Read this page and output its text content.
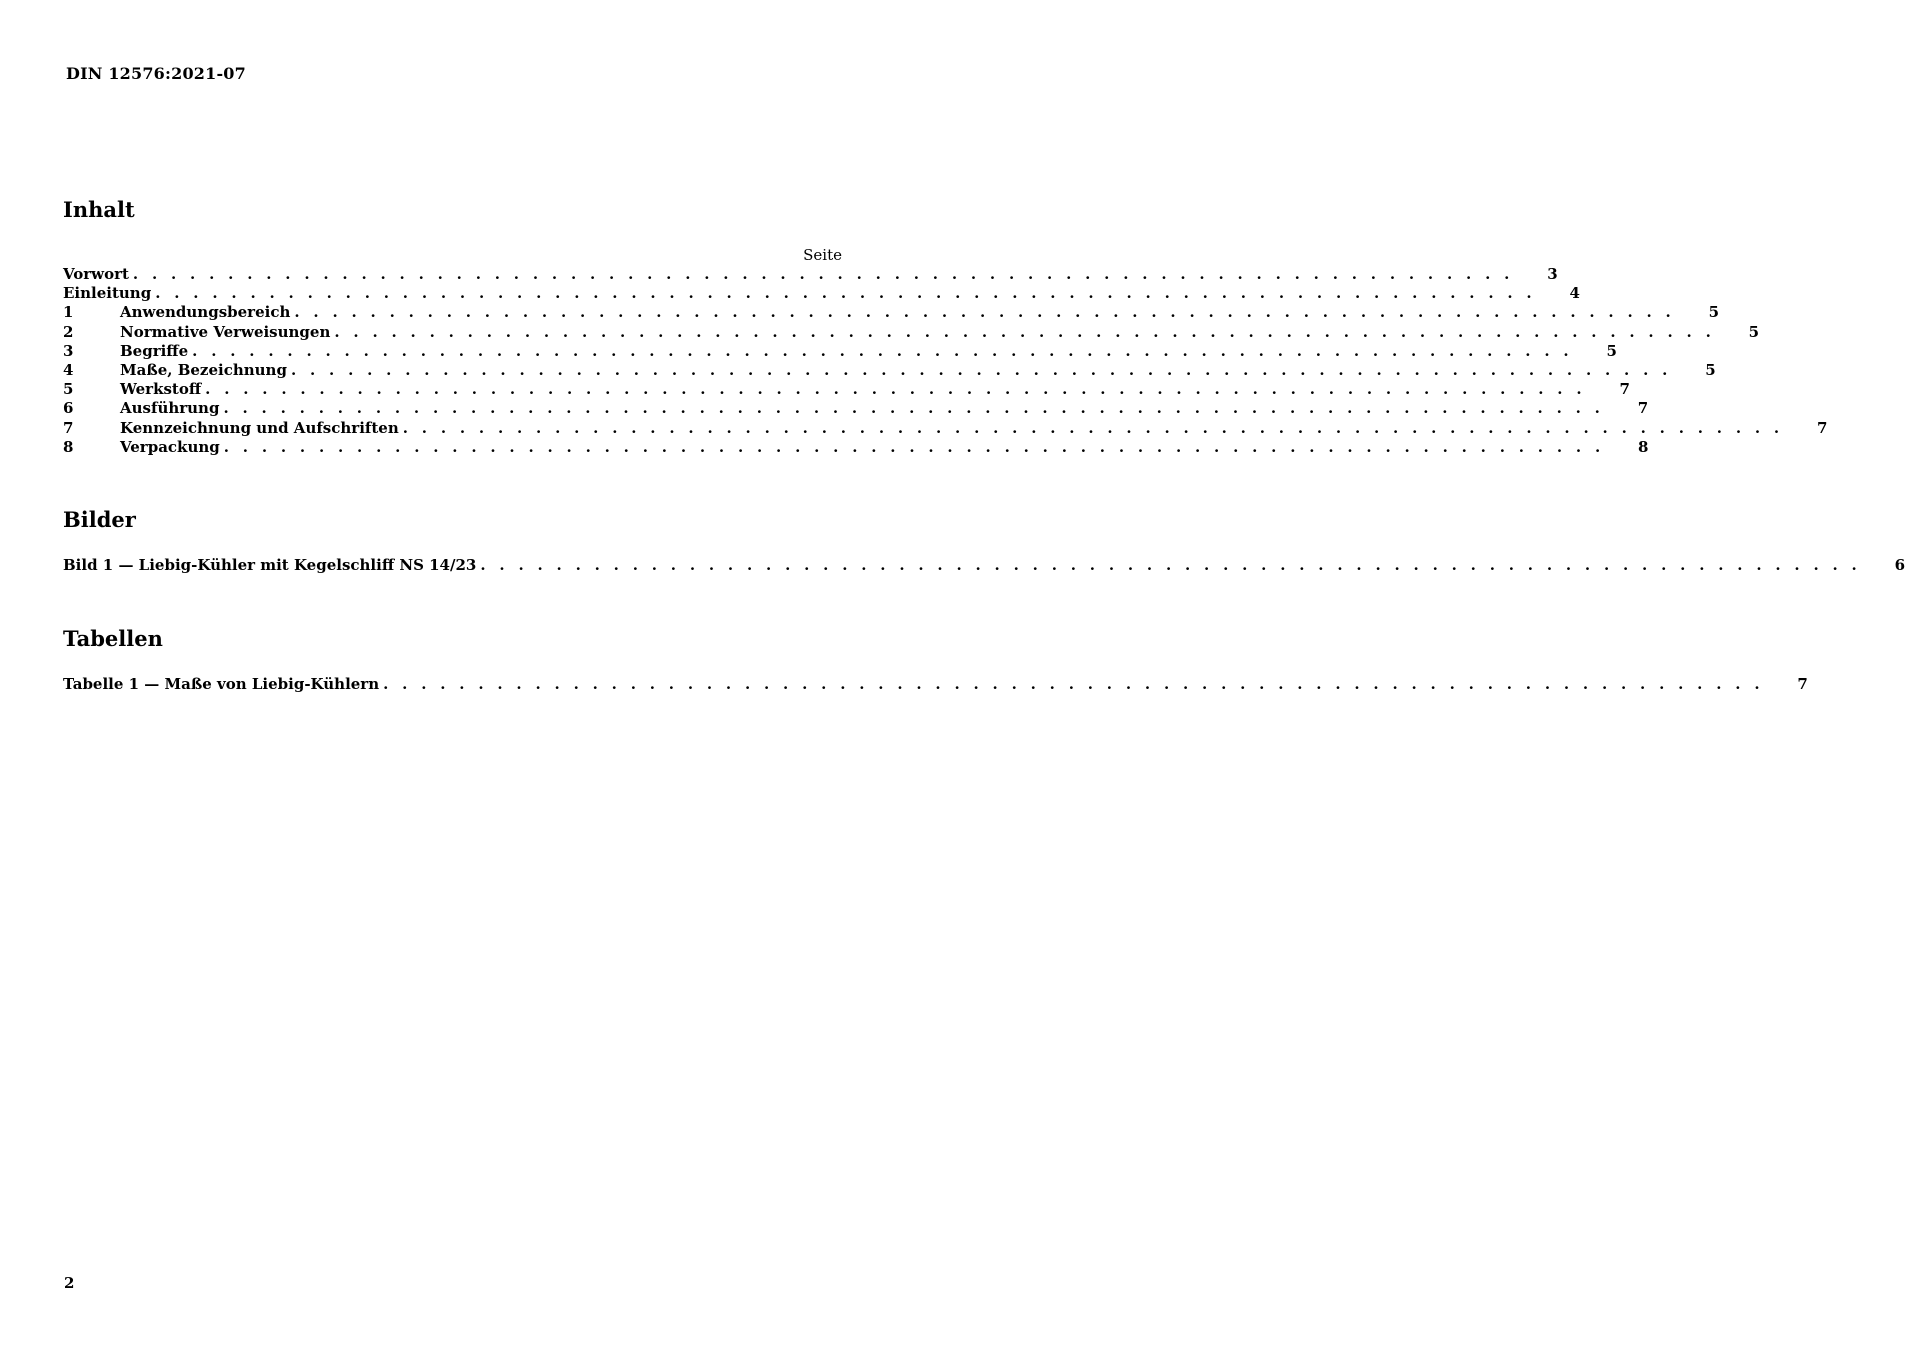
DIN 12576:2021-07
Inhalt
Seite
Vorwort . . . . . . . . . . . . . . . . . . . . . . . . . . . . . . . . . . . . . . . . . . . . . . . . . . . . . . . . . . . . . . . . . . . . . . . . . 3
Einleitung . . . . . . . . . . . . . . . . . . . . . . . . . . . . . . . . . . . . . . . . . . . . . . . . . . . . . . . . . . . . . . . . . . . . . . . . . 4
1	Anwendungsbereich . . . . . . . . . . . . . . . . . . . . . . . . . . . . . . . . . . . . . . . . . . . . . . . . . . . . . . . . . . . . . . . . . . . . . . . . . 5
2	Normative Verweisungen . . . . . . . . . . . . . . . . . . . . . . . . . . . . . . . . . . . . . . . . . . . . . . . . . . . . . . . . . . . . . . . . . . . . . . . . . 5
3	Begriffe . . . . . . . . . . . . . . . . . . . . . . . . . . . . . . . . . . . . . . . . . . . . . . . . . . . . . . . . . . . . . . . . . . . . . . . . . 5
4	Maße, Bezeichnung . . . . . . . . . . . . . . . . . . . . . . . . . . . . . . . . . . . . . . . . . . . . . . . . . . . . . . . . . . . . . . . . . . . . . . . . . 5
5	Werkstoff . . . . . . . . . . . . . . . . . . . . . . . . . . . . . . . . . . . . . . . . . . . . . . . . . . . . . . . . . . . . . . . . . . . . . . . . . 7
6	Ausführung . . . . . . . . . . . . . . . . . . . . . . . . . . . . . . . . . . . . . . . . . . . . . . . . . . . . . . . . . . . . . . . . . . . . . . . . . 7
7	Kennzeichnung und Aufschriften . . . . . . . . . . . . . . . . . . . . . . . . . . . . . . . . . . . . . . . . . . . . . . . . . . . . . . . . . . . . . . . . . . . . . . . . . 7
8	Verpackung . . . . . . . . . . . . . . . . . . . . . . . . . . . . . . . . . . . . . . . . . . . . . . . . . . . . . . . . . . . . . . . . . . . . . . . . . 8
Bilder
Bild 1 — Liebig-Kühler mit Kegelschliff NS 14/23 . . . . . . . . . . . . . . . . . . . . . . . . . . . . . . . . . . . . . . . . . . . . . . . . . . . . . . . . . . . . . . . . . . . . . . . . . 6
Tabellen
Tabelle 1 — Maße von Liebig-Kühlern . . . . . . . . . . . . . . . . . . . . . . . . . . . . . . . . . . . . . . . . . . . . . . . . . . . . . . . . . . . . . . . . . . . . . . . . . 7
2
